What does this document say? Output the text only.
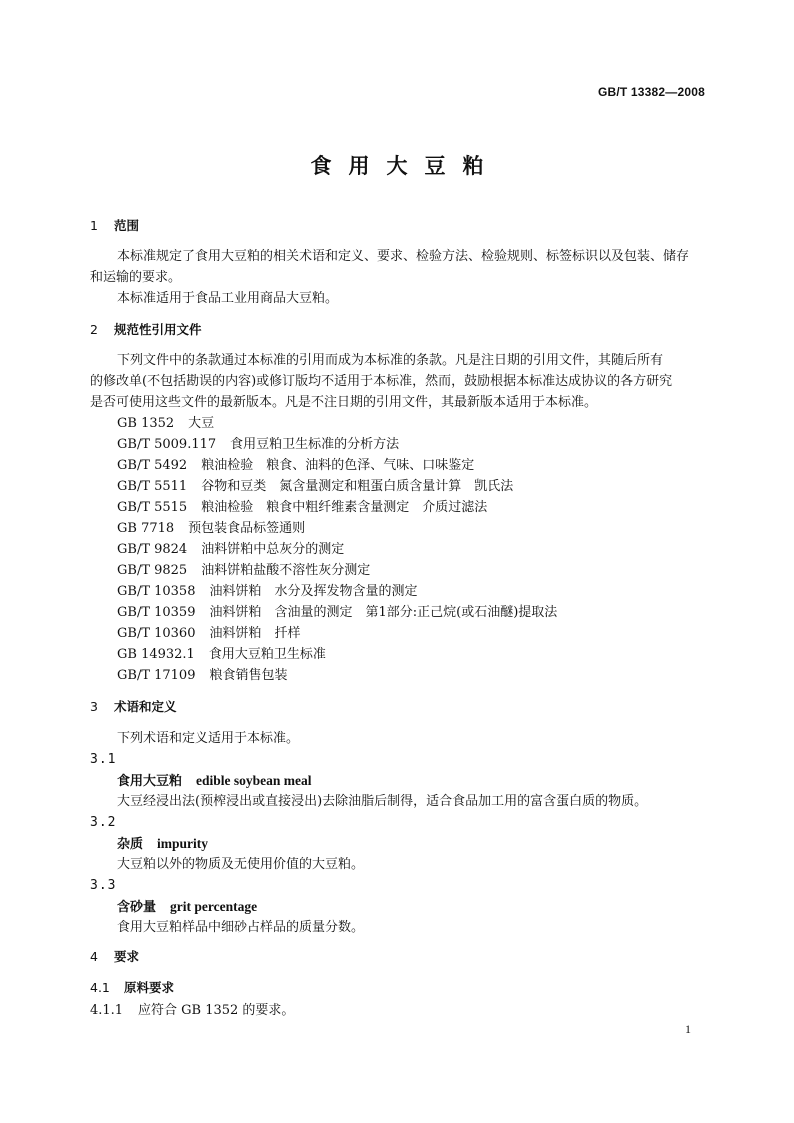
GB/T 13382—2008
食用大豆粕
1 范围
本标准规定了食用大豆粕的相关术语和定义、要求、检验方法、检验规则、标签标识以及包装、储存
和运输的要求。
本标准适用于食品工业用商品大豆粕。
2 规范性引用文件
下列文件中的条款通过本标准的引用而成为本标准的条款。凡是注日期的引用文件，其随后所有
的修改单(不包括勘误的内容)或修订版均不适用于本标准，然而，鼓励根据本标准达成协议的各方研究
是否可使用这些文件的最新版本。凡是不注日期的引用文件，其最新版本适用于本标准。
GB 1352 大豆
GB/T 5009.117 食用豆粕卫生标准的分析方法
GB/T 5492 粮油检验　粮食、油料的色泽、气味、口味鉴定
GB/T 5511 谷物和豆类　氮含量测定和粗蛋白质含量计算　凯氏法
GB/T 5515 粮油检验　粮食中粗纤维素含量测定　介质过滤法
GB 7718 预包装食品标签通则
GB/T 9824 油料饼粕中总灰分的测定
GB/T 9825 油料饼粕盐酸不溶性灰分测定
GB/T 10358 油料饼粕　水分及挥发物含量的测定
GB/T 10359 油料饼粕　含油量的测定　第1部分:正己烷(或石油醚)提取法
GB/T 10360 油料饼粕　扦样
GB 14932.1 食用大豆粕卫生标准
GB/T 17109 粮食销售包装
3 术语和定义
下列术语和定义适用于本标准。
3.1
食用大豆粕 edible soybean meal
大豆经浸出法(预榨浸出或直接浸出)去除油脂后制得，适合食品加工用的富含蛋白质的物质。
3.2
杂质 impurity
大豆粕以外的物质及无使用价值的大豆粕。
3.3
含砂量 grit percentage
食用大豆粕样品中细砂占样品的质量分数。
4 要求
4.1 原料要求
4.1.1 应符合 GB 1352 的要求。
1
